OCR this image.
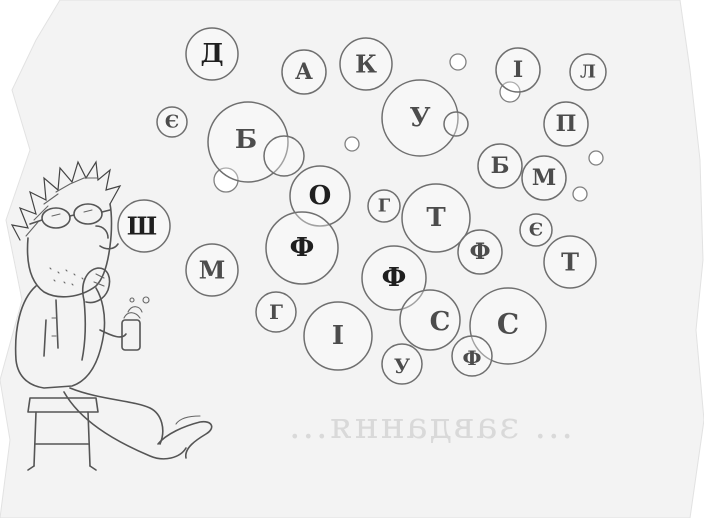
... завдання...
Д
А К	І	Л
Є
Б
У	П
Б М
О	Г Т
Ш	Є
Ф
М
Ф	Т
Ф
Г
І	С С
У	Ф
